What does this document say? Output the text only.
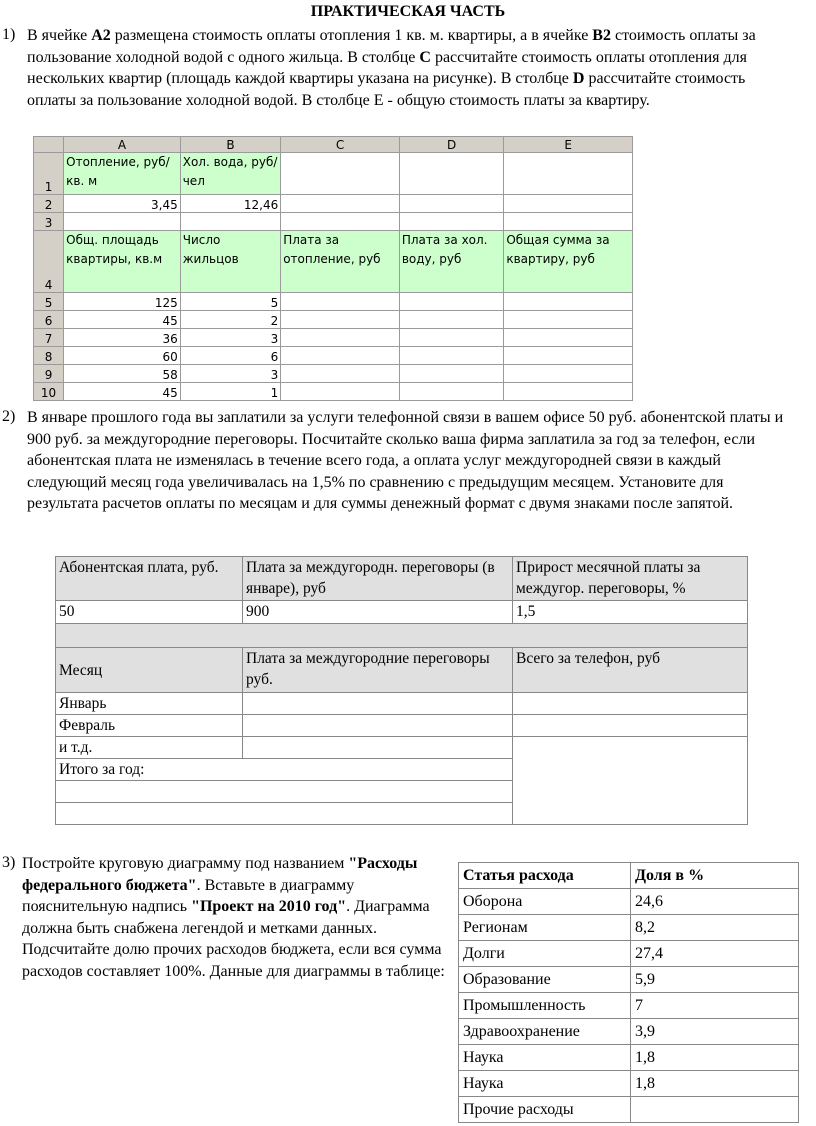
ПРАКТИЧЕСКАЯ ЧАСТЬ
1) В ячейке A2 размещена стоимость оплаты отопления 1 кв. м. квартиры, а в ячейке B2 стоимость оплаты за пользование холодной водой с одного жильца. В столбце C рассчитайте стоимость оплаты отопления для нескольких квартир (площадь каждой квартиры указана на рисунке). В столбце D рассчитайте стоимость оплаты за пользование холодной водой. В столбце Е - общую стоимость платы за квартиру.
	A	B	C	D	E
1	Отопление, руб/кв. м	Хол. вода, руб/чел			
2	3,45	12,46			
3					
4	Общ. площадь квартиры, кв.м	Число жильцов	Плата за отопление, руб	Плата за хол. воду, руб	Общая сумма за квартиру, руб
5	125	5			
6	45	2			
7	36	3			
8	60	6			
9	58	3			
10	45	1			
2) В январе прошлого года вы заплатили за услуги телефонной связи в вашем офисе 50 руб. абонентской платы и 900 руб. за междугородние переговоры. Посчитайте сколько ваша фирма заплатила за год за телефон, если абонентская плата не изменялась в течение всего года, а оплата услуг междугородней связи в каждый следующий месяц года увеличивалась на 1,5% по сравнению с предыдущим месяцем. Установите для результата расчетов оплаты по месяцам и для суммы денежный формат с двумя знаками после запятой.
Абонентская плата, руб.	Плата за междугородн. переговоры (в январе), руб	Прирост месячной платы за междугор. переговоры, %
50	900	1,5

Месяц	Плата за междугородние переговоры руб.	Всего за телефон, руб
Январь		
Февраль		
и т.д.		
Итого за год:		

3) Постройте круговую диаграмму под названием "Расходы федерального бюджета". Вставьте в диаграмму пояснительную надпись "Проект на 2010 год". Диаграмма должна быть снабжена легендой и метками данных. Подсчитайте долю прочих расходов бюджета, если вся сумма расходов составляет 100%. Данные для диаграммы в таблице:
Статья расхода	Доля в %
Оборона	24,6
Регионам	8,2
Долги	27,4
Образование	5,9
Промышленность	7
Здравоохранение	3,9
Наука	1,8
Наука	1,8
Прочие расходы	
